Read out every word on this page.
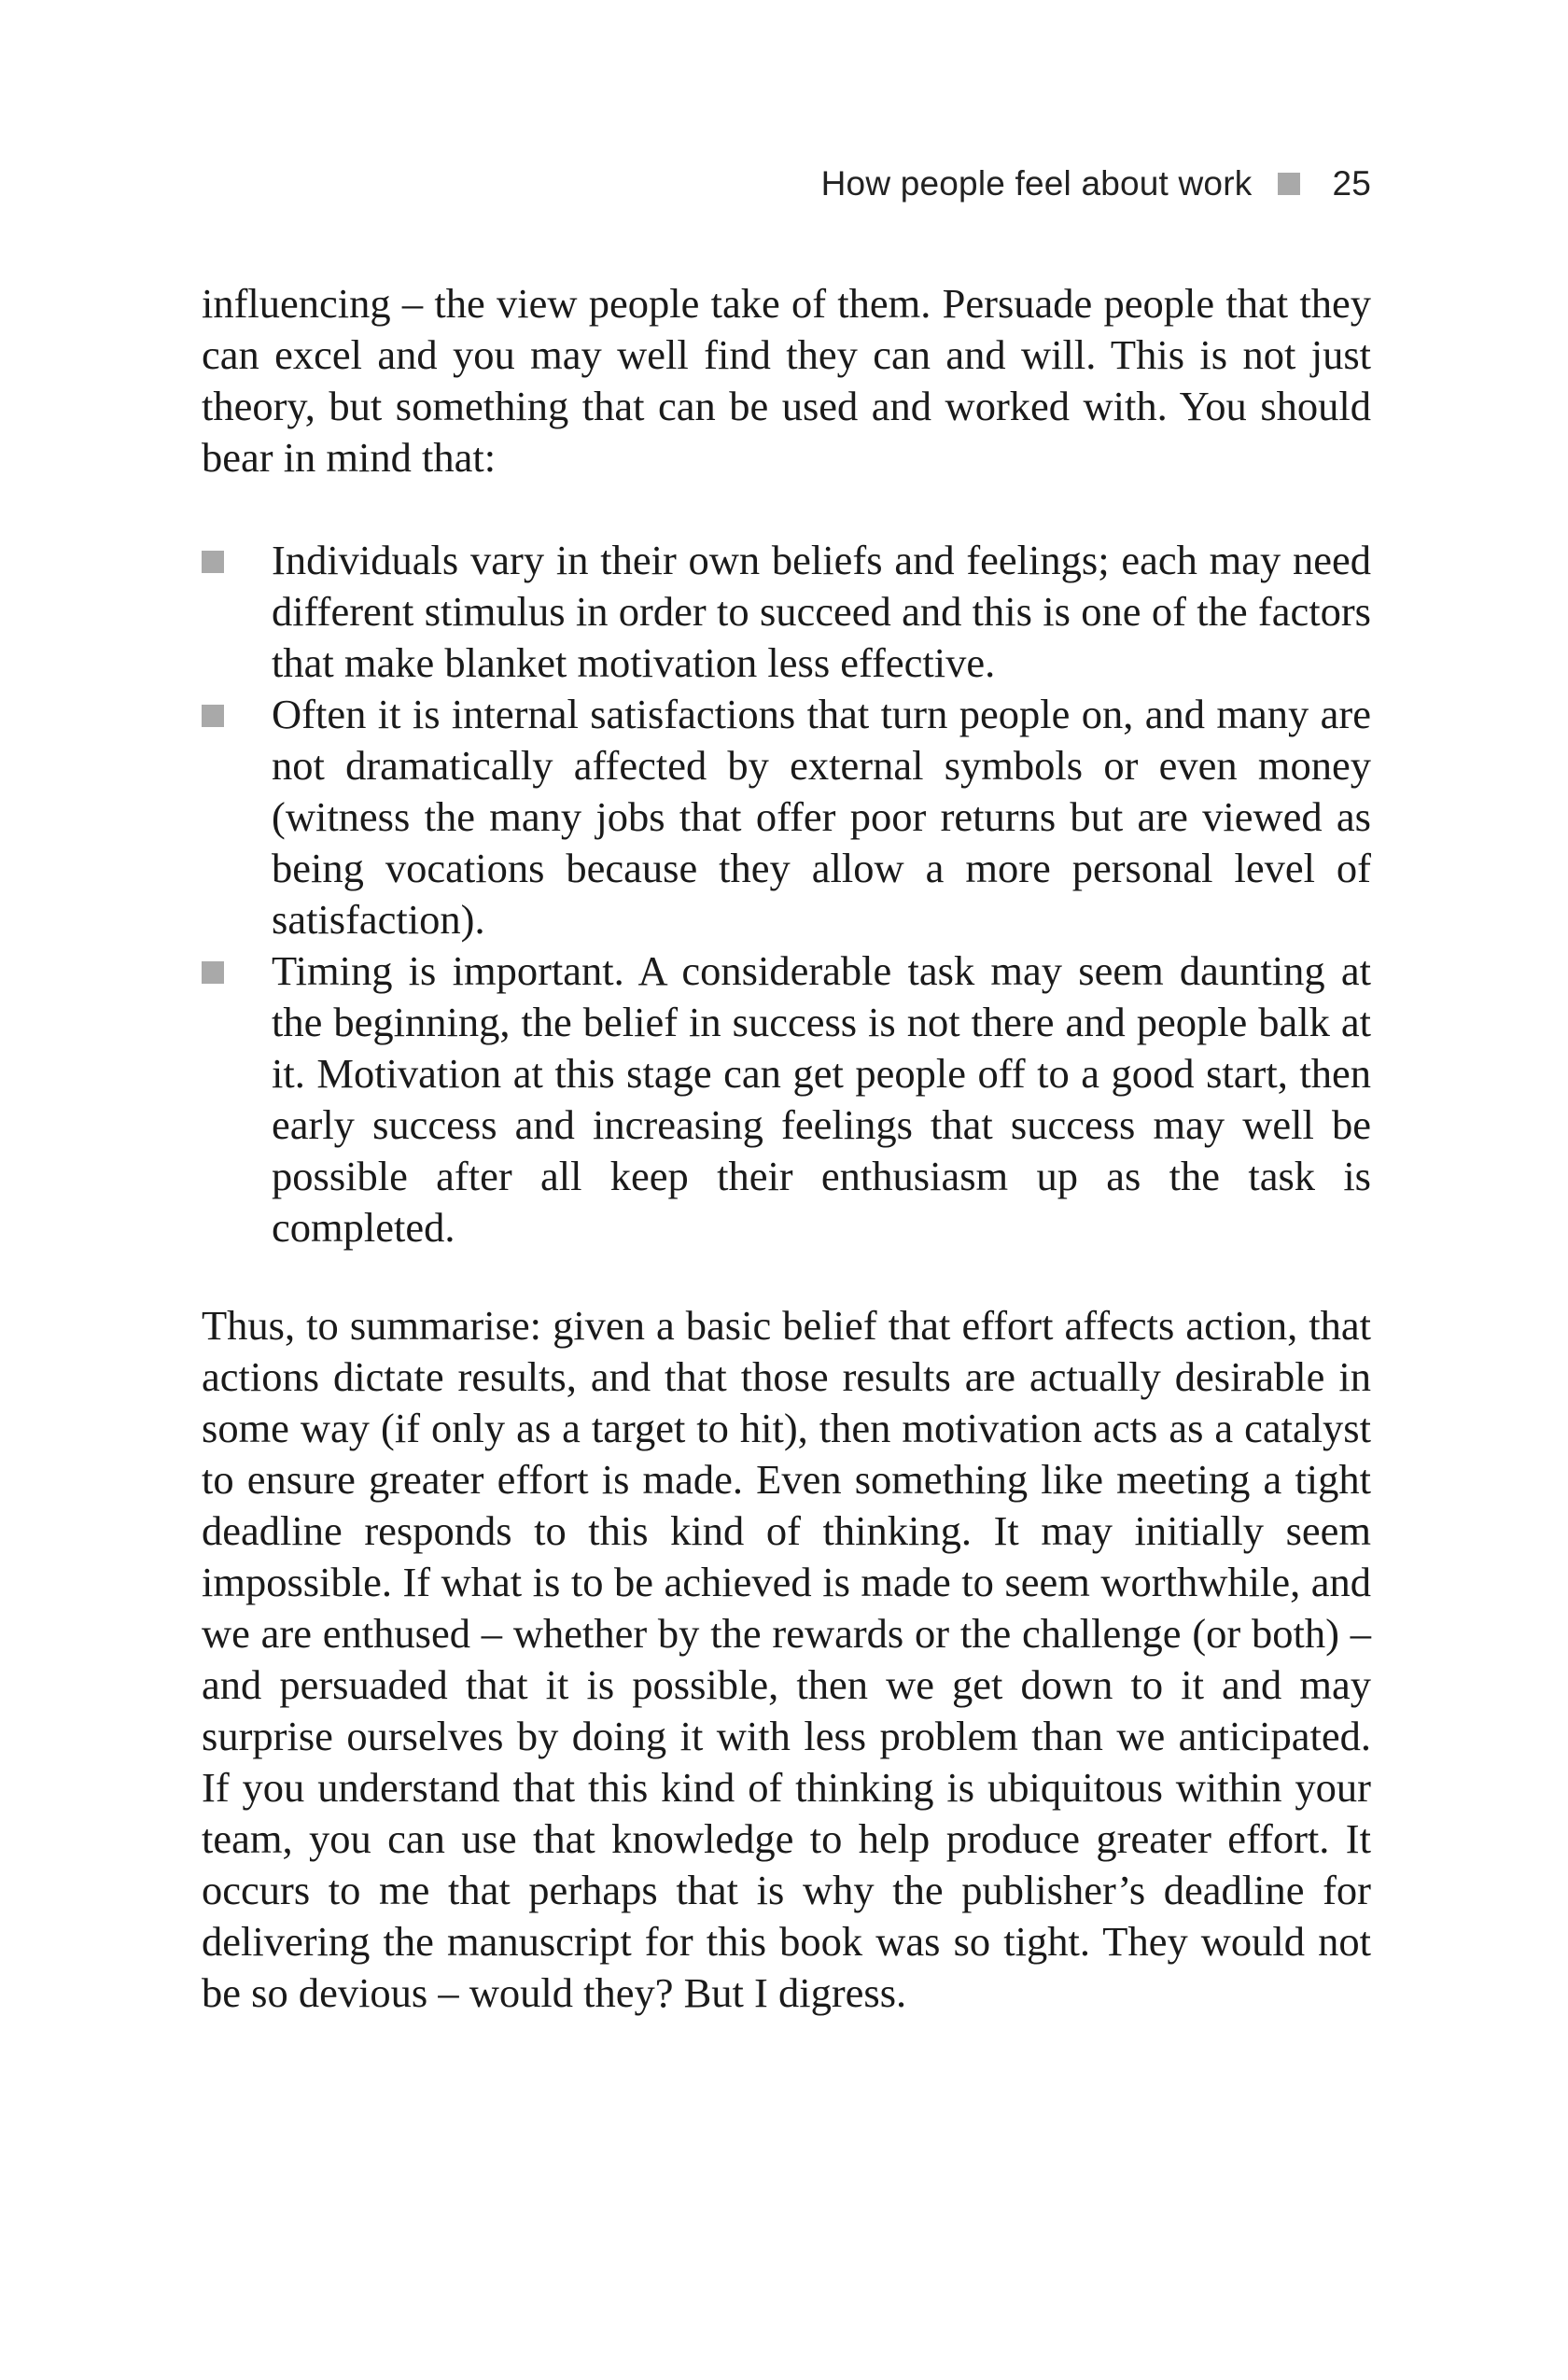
How people feel about work 25

influencing – the view people take of them. Persuade people that they can excel and you may well find they can and will. This is not just theory, but something that can be used and worked with. You should bear in mind that:

Individuals vary in their own beliefs and feelings; each may need different stimulus in order to succeed and this is one of the factors that make blanket motivation less effective.
Often it is internal satisfactions that turn people on, and many are not dramatically affected by external symbols or even money (witness the many jobs that offer poor returns but are viewed as being vocations because they allow a more personal level of satisfaction).
Timing is important. A considerable task may seem daunting at the beginning, the belief in success is not there and people balk at it. Motivation at this stage can get people off to a good start, then early success and increasing feelings that success may well be possible after all keep their enthusiasm up as the task is completed.

Thus, to summarise: given a basic belief that effort affects action, that actions dictate results, and that those results are actually desirable in some way (if only as a target to hit), then motivation acts as a catalyst to ensure greater effort is made. Even something like meeting a tight deadline responds to this kind of thinking. It may initially seem impossible. If what is to be achieved is made to seem worthwhile, and we are enthused – whether by the rewards or the challenge (or both) – and persuaded that it is possible, then we get down to it and may surprise ourselves by doing it with less problem than we anticipated. If you understand that this kind of thinking is ubiquitous within your team, you can use that knowledge to help produce greater effort. It occurs to me that perhaps that is why the publisher’s deadline for delivering the manuscript for this book was so tight. They would not be so devious – would they? But I digress.
